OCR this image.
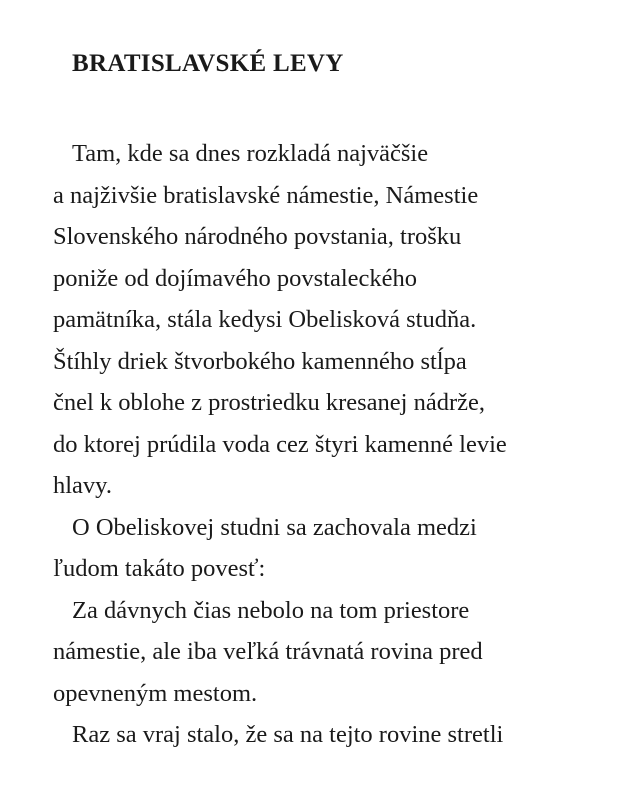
BRATISLAVSKÉ LEVY
Tam, kde sa dnes rozkladá najväčšie
a najživšie bratislavské námestie, Námestie
Slovenského národného povstania, trošku
poniže od dojímavého povstaleckého
pamätníka, stála kedysi Obelisková studňa.
Štíhly driek štvorbokého kamenného stĺpa
čnel k oblohe z prostriedku kresanej nádrže,
do ktorej prúdila voda cez štyri kamenné levie
hlavy.
O Obeliskovej studni sa zachovala medzi
ľudom takáto povesť:
Za dávnych čias nebolo na tom priestore
námestie, ale iba veľká trávnatá rovina pred
opevneným mestom.
Raz sa vraj stalo, že sa na tejto rovine stretli
